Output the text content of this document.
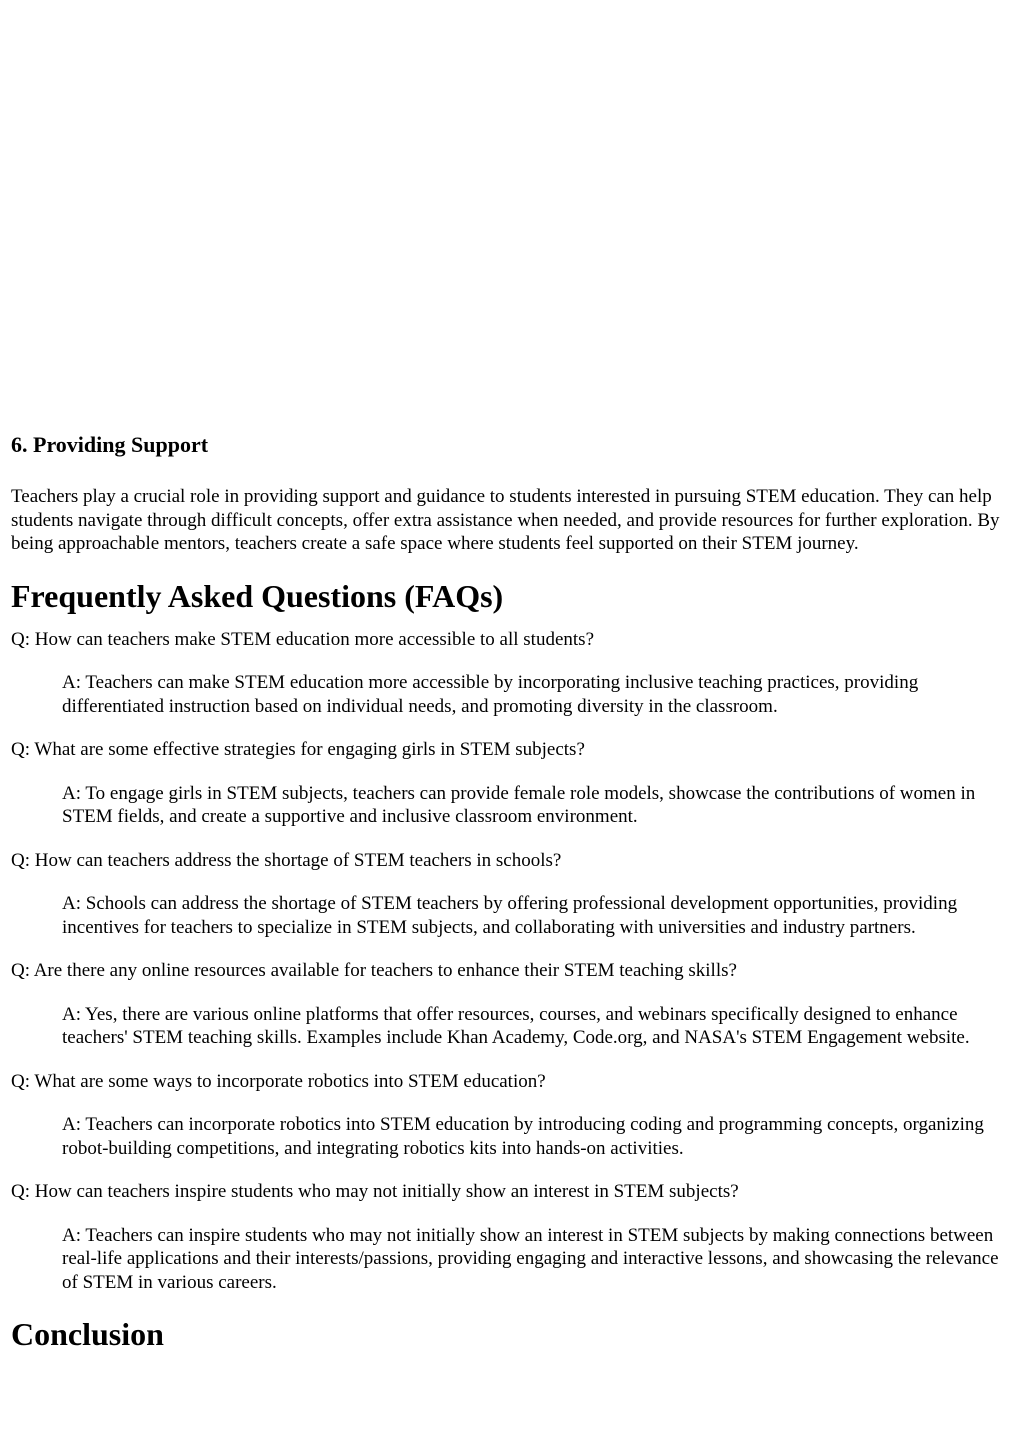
6. Providing Support

Teachers play a crucial role in providing support and guidance to students interested in pursuing STEM education. They can help students navigate through difficult concepts, offer extra assistance when needed, and provide resources for further exploration. By being approachable mentors, teachers create a safe space where students feel supported on their STEM journey.

Frequently Asked Questions (FAQs)

Q: How can teachers make STEM education more accessible to all students?

A: Teachers can make STEM education more accessible by incorporating inclusive teaching practices, providing differentiated instruction based on individual needs, and promoting diversity in the classroom.

Q: What are some effective strategies for engaging girls in STEM subjects?

A: To engage girls in STEM subjects, teachers can provide female role models, showcase the contributions of women in STEM fields, and create a supportive and inclusive classroom environment.

Q: How can teachers address the shortage of STEM teachers in schools?

A: Schools can address the shortage of STEM teachers by offering professional development opportunities, providing incentives for teachers to specialize in STEM subjects, and collaborating with universities and industry partners.

Q: Are there any online resources available for teachers to enhance their STEM teaching skills?

A: Yes, there are various online platforms that offer resources, courses, and webinars specifically designed to enhance teachers' STEM teaching skills. Examples include Khan Academy, Code.org, and NASA's STEM Engagement website.

Q: What are some ways to incorporate robotics into STEM education?

A: Teachers can incorporate robotics into STEM education by introducing coding and programming concepts, organizing robot-building competitions, and integrating robotics kits into hands-on activities.

Q: How can teachers inspire students who may not initially show an interest in STEM subjects?

A: Teachers can inspire students who may not initially show an interest in STEM subjects by making connections between real-life applications and their interests/passions, providing engaging and interactive lessons, and showcasing the relevance of STEM in various careers.

Conclusion
